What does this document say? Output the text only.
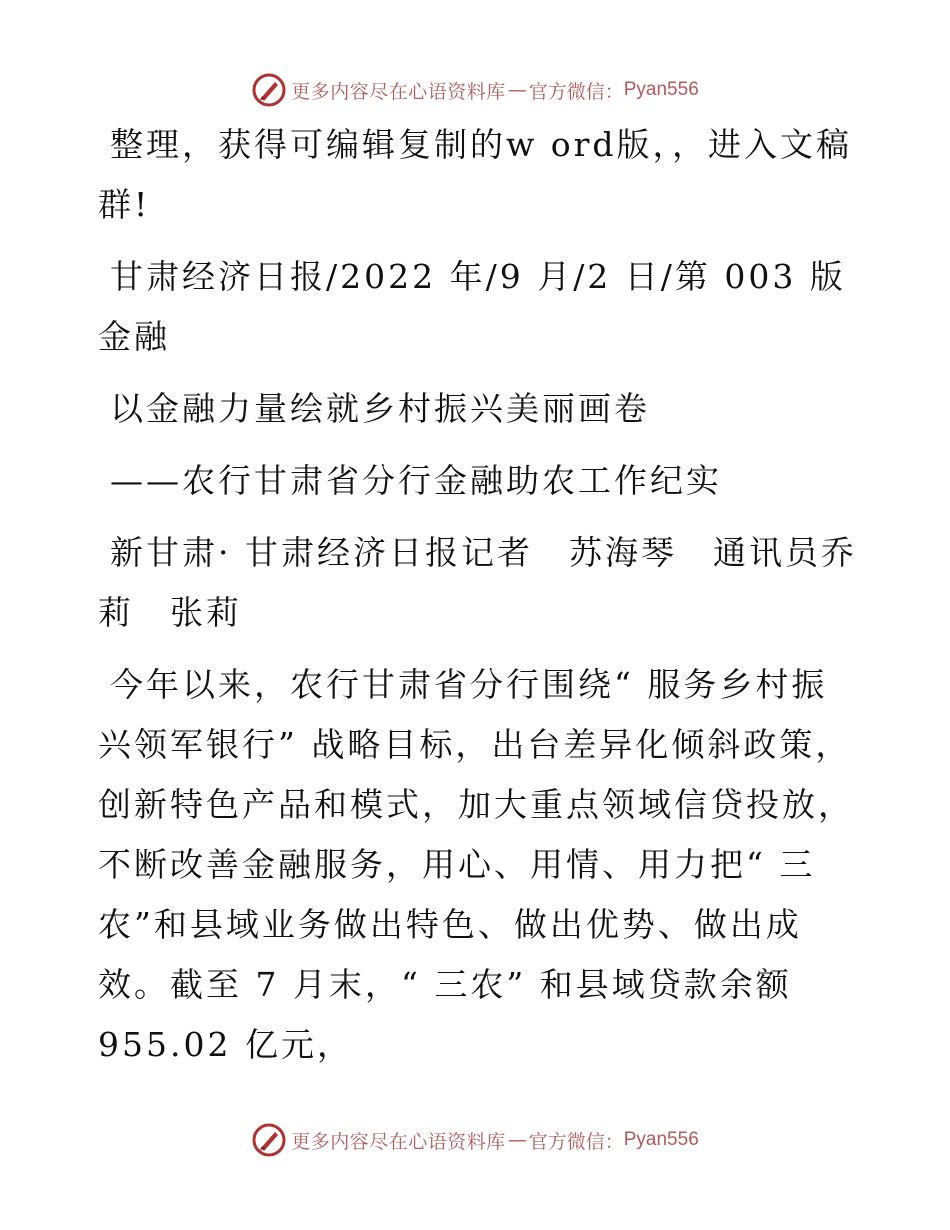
更多内容尽在心语资料库 — 官方微信： Pyan556

整理，获得可编辑复制的w ord版，，进入文稿群!

甘肃经济日报/2022 年/9 月/2 日/第 003 版金融

以金融力量绘就乡村振兴美丽画卷

——农行甘肃省分行金融助农工作纪实

新甘肃· 甘肃经济日报记者　苏海琴　通讯员乔莉　张莉

今年以来，农行甘肃省分行围绕“ 服务乡村振兴领军银行” 战略目标，出台差异化倾斜政策，创新特色产品和模式，加大重点领域信贷投放，不断改善金融服务，用心、用情、用力把“ 三农”和县域业务做出特色、做出优势、做出成效。截至 7 月末，“ 三农” 和县域贷款余额 955.02 亿元，

更多内容尽在心语资料库 — 官方微信： Pyan556
